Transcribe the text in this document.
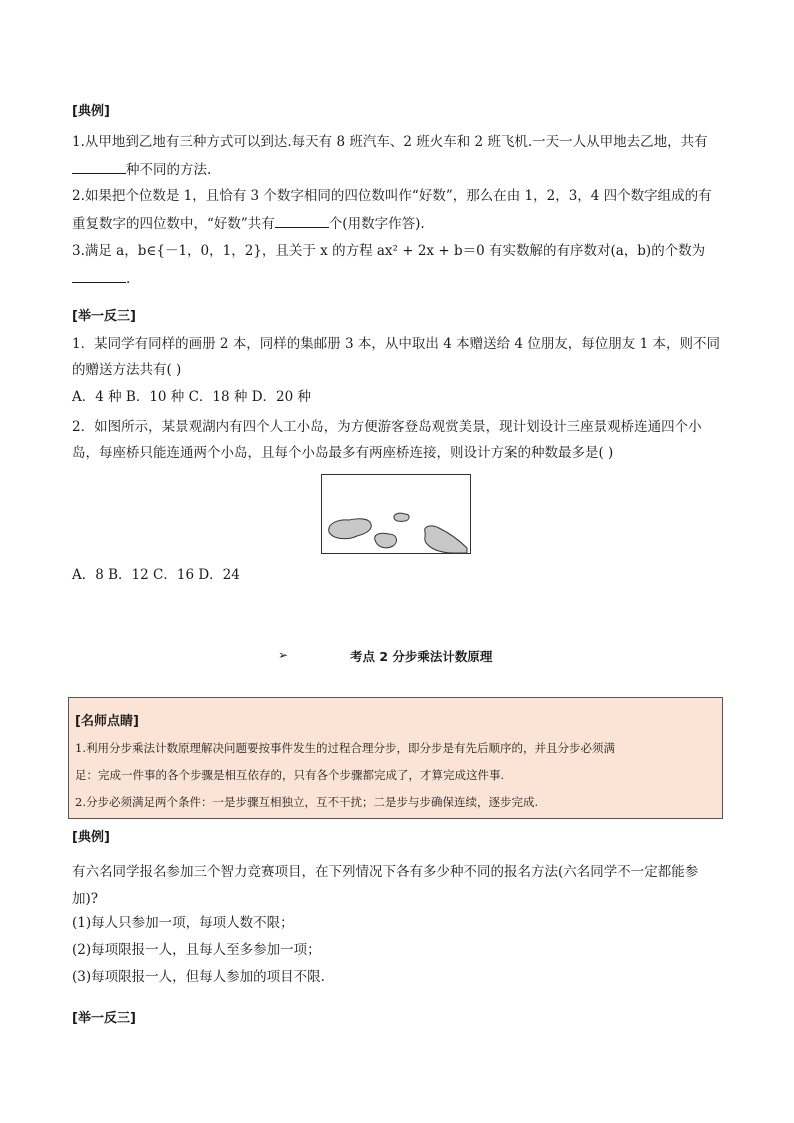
[典例]
1.从甲地到乙地有三种方式可以到达.每天有 8 班汽车、2 班火车和 2 班飞机.一天一人从甲地去乙地，共有
种不同的方法.
2.如果把个位数是 1，且恰有 3 个数字相同的四位数叫作“好数”，那么在由 1，2，3，4 四个数字组成的有
重复数字的四位数中，“好数”共有	个(用数字作答).
3.满足 a，b∈{－1，0，1，2}，且关于 x 的方程 ax² + 2x + b＝0 有实数解的有序数对(a，b)的个数为
.
[举一反三]
1．某同学有同样的画册 2 本，同样的集邮册 3 本，从中取出 4 本赠送给 4 位朋友，每位朋友 1 本，则不同
的赠送方法共有( )
A．4 种 B．10 种 C．18 种 D．20 种
2．如图所示，某景观湖内有四个人工小岛，为方便游客登岛观赏美景，现计划设计三座景观桥连通四个小
岛，每座桥只能连通两个小岛，且每个小岛最多有两座桥连接，则设计方案的种数最多是( )
A．8 B．12 C．16 D．24
➢	考点 2 分步乘法计数原理
[名师点睛]
1.利用分步乘法计数原理解决问题要按事件发生的过程合理分步，即分步是有先后顺序的，并且分步必须满
足：完成一件事的各个步骤是相互依存的，只有各个步骤都完成了，才算完成这件事.
2.分步必须满足两个条件：一是步骤互相独立，互不干扰；二是步与步确保连续，逐步完成.
[典例]
有六名同学报名参加三个智力竞赛项目，在下列情况下各有多少种不同的报名方法(六名同学不一定都能参
加)?
(1)每人只参加一项，每项人数不限；
(2)每项限报一人，且每人至多参加一项；
(3)每项限报一人，但每人参加的项目不限.
[举一反三]
